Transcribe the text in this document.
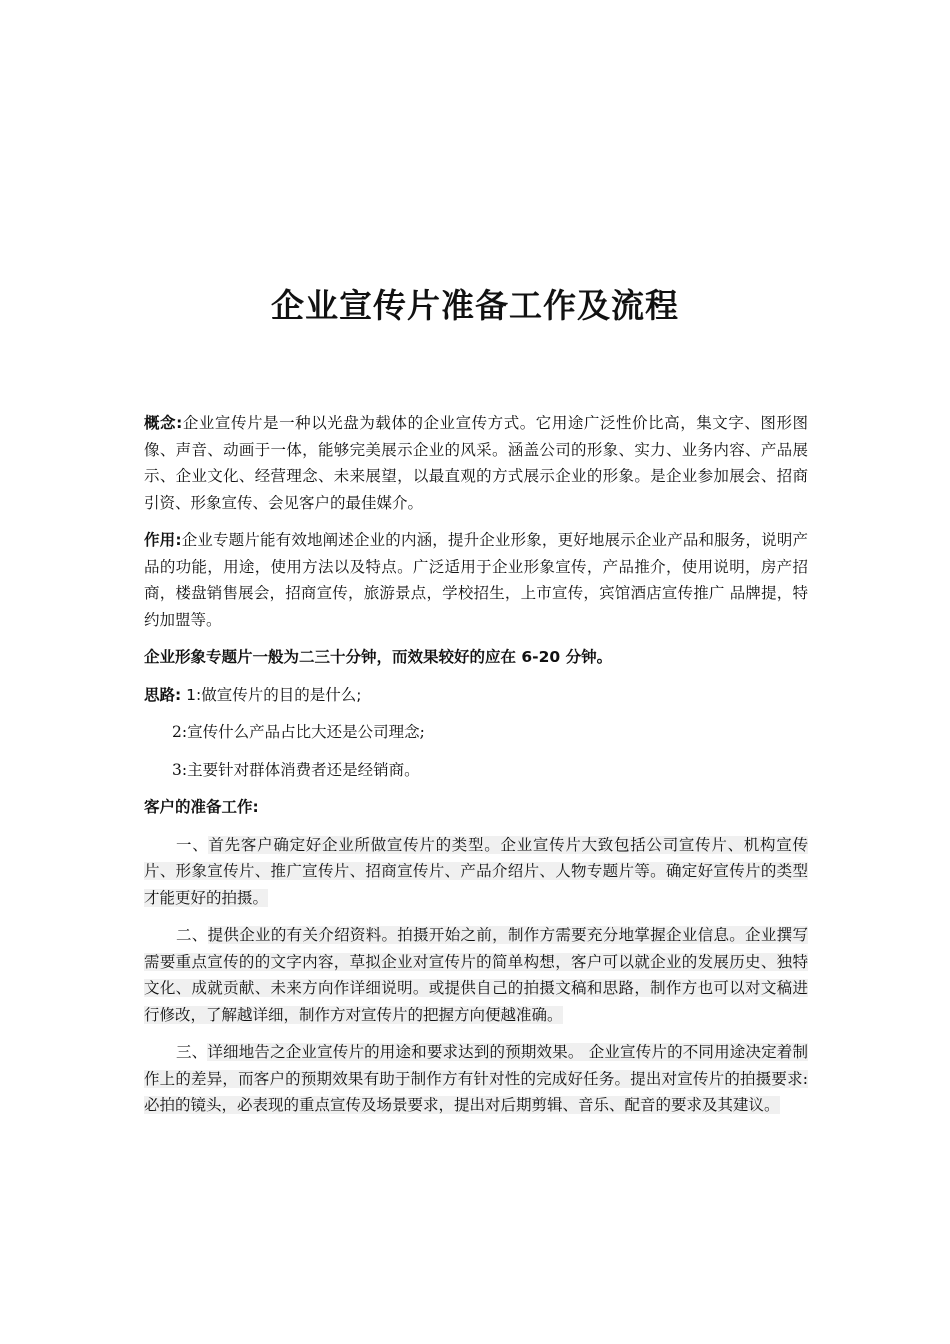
企业宣传片准备工作及流程

概念:企业宣传片是一种以光盘为载体的企业宣传方式。它用途广泛性价比高，集文字、图形图像、声音、动画于一体，能够完美展示企业的风采。涵盖公司的形象、实力、业务内容、产品展示、企业文化、经营理念、未来展望，以最直观的方式展示企业的形象。是企业参加展会、招商引资、形象宣传、会见客户的最佳媒介。

作用:企业专题片能有效地阐述企业的内涵，提升企业形象，更好地展示企业产品和服务，说明产品的功能，用途，使用方法以及特点。广泛适用于企业形象宣传，产品推介，使用说明，房产招商，楼盘销售展会，招商宣传，旅游景点，学校招生，上市宣传，宾馆酒店宣传推广 品牌提，特约加盟等。

企业形象专题片一般为二三十分钟，而效果较好的应在 6-20 分钟。

思路: 1:做宣传片的目的是什么;

2:宣传什么产品占比大还是公司理念;

3:主要针对群体消费者还是经销商。

客户的准备工作:

一、首先客户确定好企业所做宣传片的类型。企业宣传片大致包括公司宣传片、机构宣传片、形象宣传片、推广宣传片、招商宣传片、产品介绍片、人物专题片等。确定好宣传片的类型才能更好的拍摄。

二、提供企业的有关介绍资料。拍摄开始之前，制作方需要充分地掌握企业信息。企业撰写需要重点宣传的的文字内容，草拟企业对宣传片的简单构想，客户可以就企业的发展历史、独特文化、成就贡献、未来方向作详细说明。或提供自己的拍摄文稿和思路，制作方也可以对文稿进行修改，了解越详细，制作方对宣传片的把握方向便越准确。

三、详细地告之企业宣传片的用途和要求达到的预期效果。 企业宣传片的不同用途决定着制作上的差异，而客户的预期效果有助于制作方有针对性的完成好任务。提出对宣传片的拍摄要求:必拍的镜头，必表现的重点宣传及场景要求，提出对后期剪辑、音乐、配音的要求及其建议。
